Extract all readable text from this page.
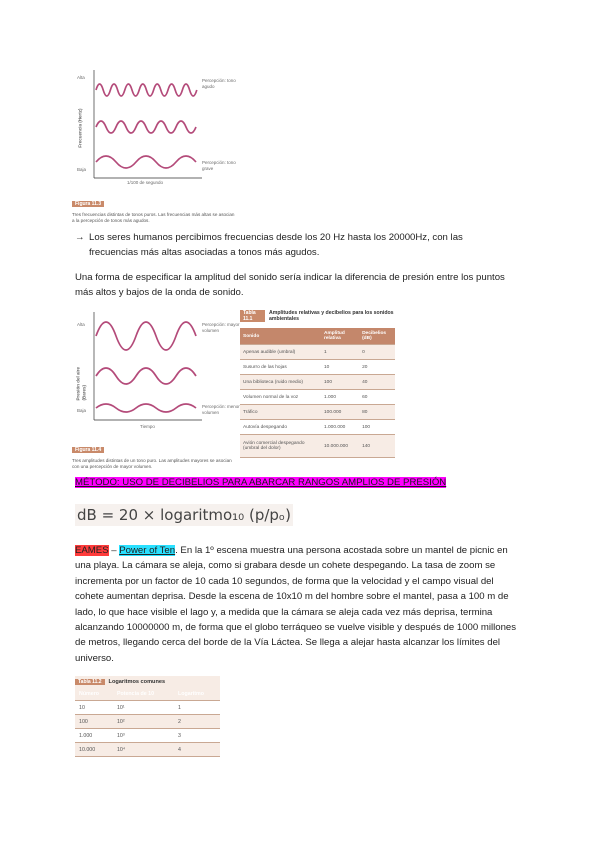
Alta
Frecuencia (Hertz)
Baja
Percepción: tono agudo
Percepción: tono grave
1/100 de segundo
Figura 11.3
Tres frecuencias distintas de tonos puros. Las frecuencias más altas se asocian a la percepción de tonos más agudos.
→ Los seres humanos percibimos frecuencias desde los 20 Hz hasta los 20000Hz, con las frecuencias más altas asociadas a tonos más agudos.
Una forma de especificar la amplitud del sonido sería indicar la diferencia de presión entre los puntos más altos y bajos de la onda de sonido.
Alta
Presión del aire (Bares)
Baja
Percepción: mayor volumen
Percepción: menor volumen
Tiempo
Figura 11.4
Tres amplitudes distintas de un tono puro. Las amplitudes mayores se asocian con una percepción de mayor volumen.
Tabla 11.1
Amplitudes relativas y decibelios para los sonidos ambientales
Sonido	Amplitud relativa	Decibelios (dB)
Apenas audible (umbral)	1	0
Susurro de las hojas	10	20
Una biblioteca (ruido medio)	100	40
Volumen normal de la voz	1.000	60
Tráfico	100.000	80
Autovía despegando	1.000.000	100
Avión comercial despegando (umbral del dolor)	10.000.000	140
MÉTODO: USO DE DECIBELIOS PARA ABARCAR RANGOS AMPLIOS DE PRESIÓN
dB = 20 × logaritmo₁₀ (p/pₒ)
EAMES – Power of Ten. En la 1º escena muestra una persona acostada sobre un mantel de picnic en una playa. La cámara se aleja, como si grabara desde un cohete despegando. La tasa de zoom se incrementa por un factor de 10 cada 10 segundos, de forma que la velocidad y el campo visual del cohete aumentan deprisa. Desde la escena de 10x10 m del hombre sobre el mantel, pasa a 100 m de lado, lo que hace visible el lago y, a medida que la cámara se aleja cada vez más deprisa, termina alcanzando 10000000 m, de forma que el globo terráqueo se vuelve visible y después de 1000 millones de metros, llegando cerca del borde de la Vía Láctea. Se llega a alejar hasta alcanzar los límites del universo.
Tabla 11.2	Logaritmos comunes
Número	Potencia de 10	Logaritmo
10	10¹	1
100	10²	2
1.000	10³	3
10.000	10⁴	4
